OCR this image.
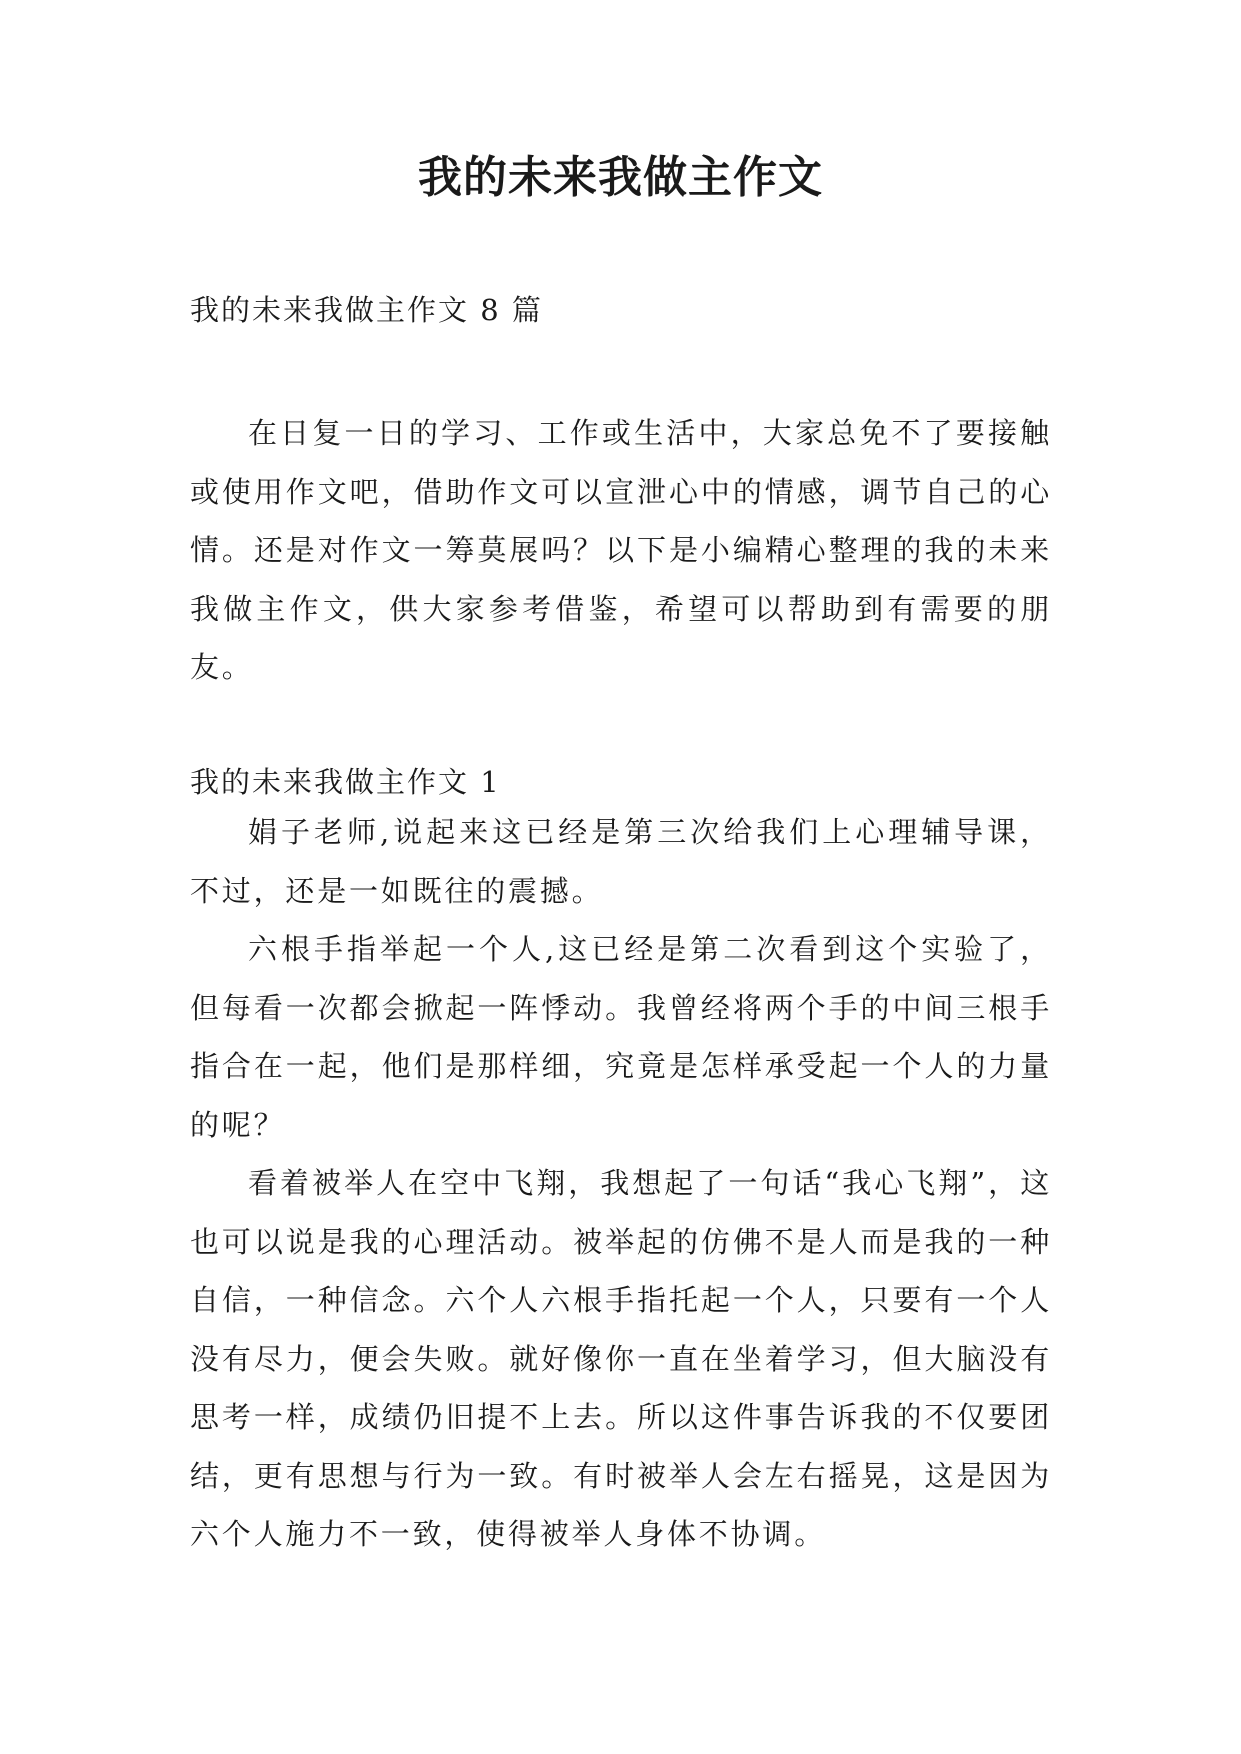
我的未来我做主作文

我的未来我做主作文 8 篇

在日复一日的学习、工作或生活中，大家总免不了要接触或使用作文吧，借助作文可以宣泄心中的情感，调节自己的心情。还是对作文一筹莫展吗？以下是小编精心整理的我的未来我做主作文，供大家参考借鉴，希望可以帮助到有需要的朋友。

我的未来我做主作文 1

娟子老师,说起来这已经是第三次给我们上心理辅导课，不过，还是一如既往的震撼。

六根手指举起一个人,这已经是第二次看到这个实验了，但每看一次都会掀起一阵悸动。我曾经将两个手的中间三根手指合在一起，他们是那样细，究竟是怎样承受起一个人的力量的呢？

看着被举人在空中飞翔，我想起了一句话“我心飞翔”，这也可以说是我的心理活动。被举起的仿佛不是人而是我的一种自信，一种信念。六个人六根手指托起一个人，只要有一个人没有尽力，便会失败。就好像你一直在坐着学习，但大脑没有思考一样，成绩仍旧提不上去。所以这件事告诉我的不仅要团结，更有思想与行为一致。有时被举人会左右摇晃，这是因为六个人施力不一致，使得被举人身体不协调。
